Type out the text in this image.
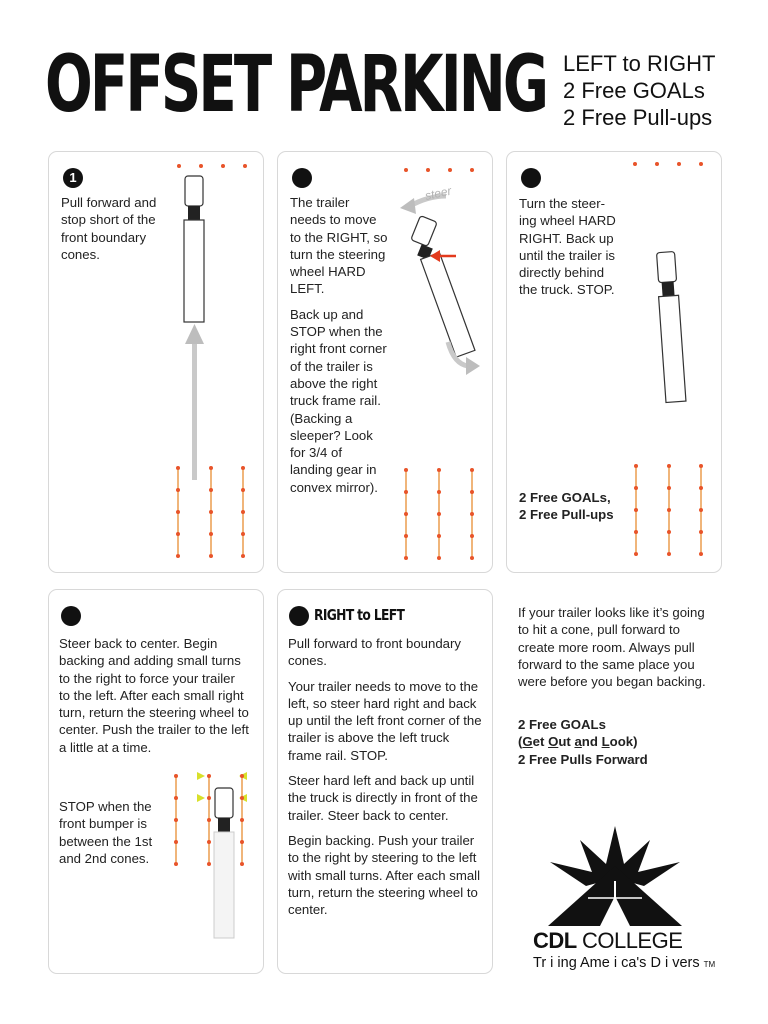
OFFSET PARKING LEFT to RIGHT
2 Free GOALs
2 Free Pull-ups
1
Pull forward and stop short of the front boundary cones.

The trailer needs to move to the RIGHT, so turn the steering wheel HARD LEFT.

Back up and STOP when the right front corner of the trailer is above the right truck frame rail. (Backing a sleeper? Look for 3/4 of landing gear in convex mirror).

steer
Turn the steer-ing wheel HARD RIGHT. Back up until the trailer is directly behind the truck. STOP.
2 Free GOALs,
2 Free Pull-ups
Steer back to center. Begin backing and adding small turns to the right to force your trailer to the left. After each small right turn, return the steering wheel to center. Push the trailer to the left a little at a time.
STOP when the front bumper is between the 1st and 2nd cones.
RIGHT to LEFT

Pull forward to front boundary cones.

Your trailer needs to move to the left, so steer hard right and back up until the left front corner of the trailer is above the left truck frame rail. STOP.

Steer hard left and back up until the truck is directly in front of the trailer. Steer back to center.

Begin backing. Push your trailer to the right by steering to the left with small turns. After each small turn, return the steering wheel to center.

If your trailer looks like it’s going to hit a cone, pull forward to create more room. Always pull forward to the same place you were before you began backing.
2 Free GOALs
(Get Out and Look)
2 Free Pulls Forward
CDL COLLEGE
Tr i ing Ame i ca's D i vers TM
